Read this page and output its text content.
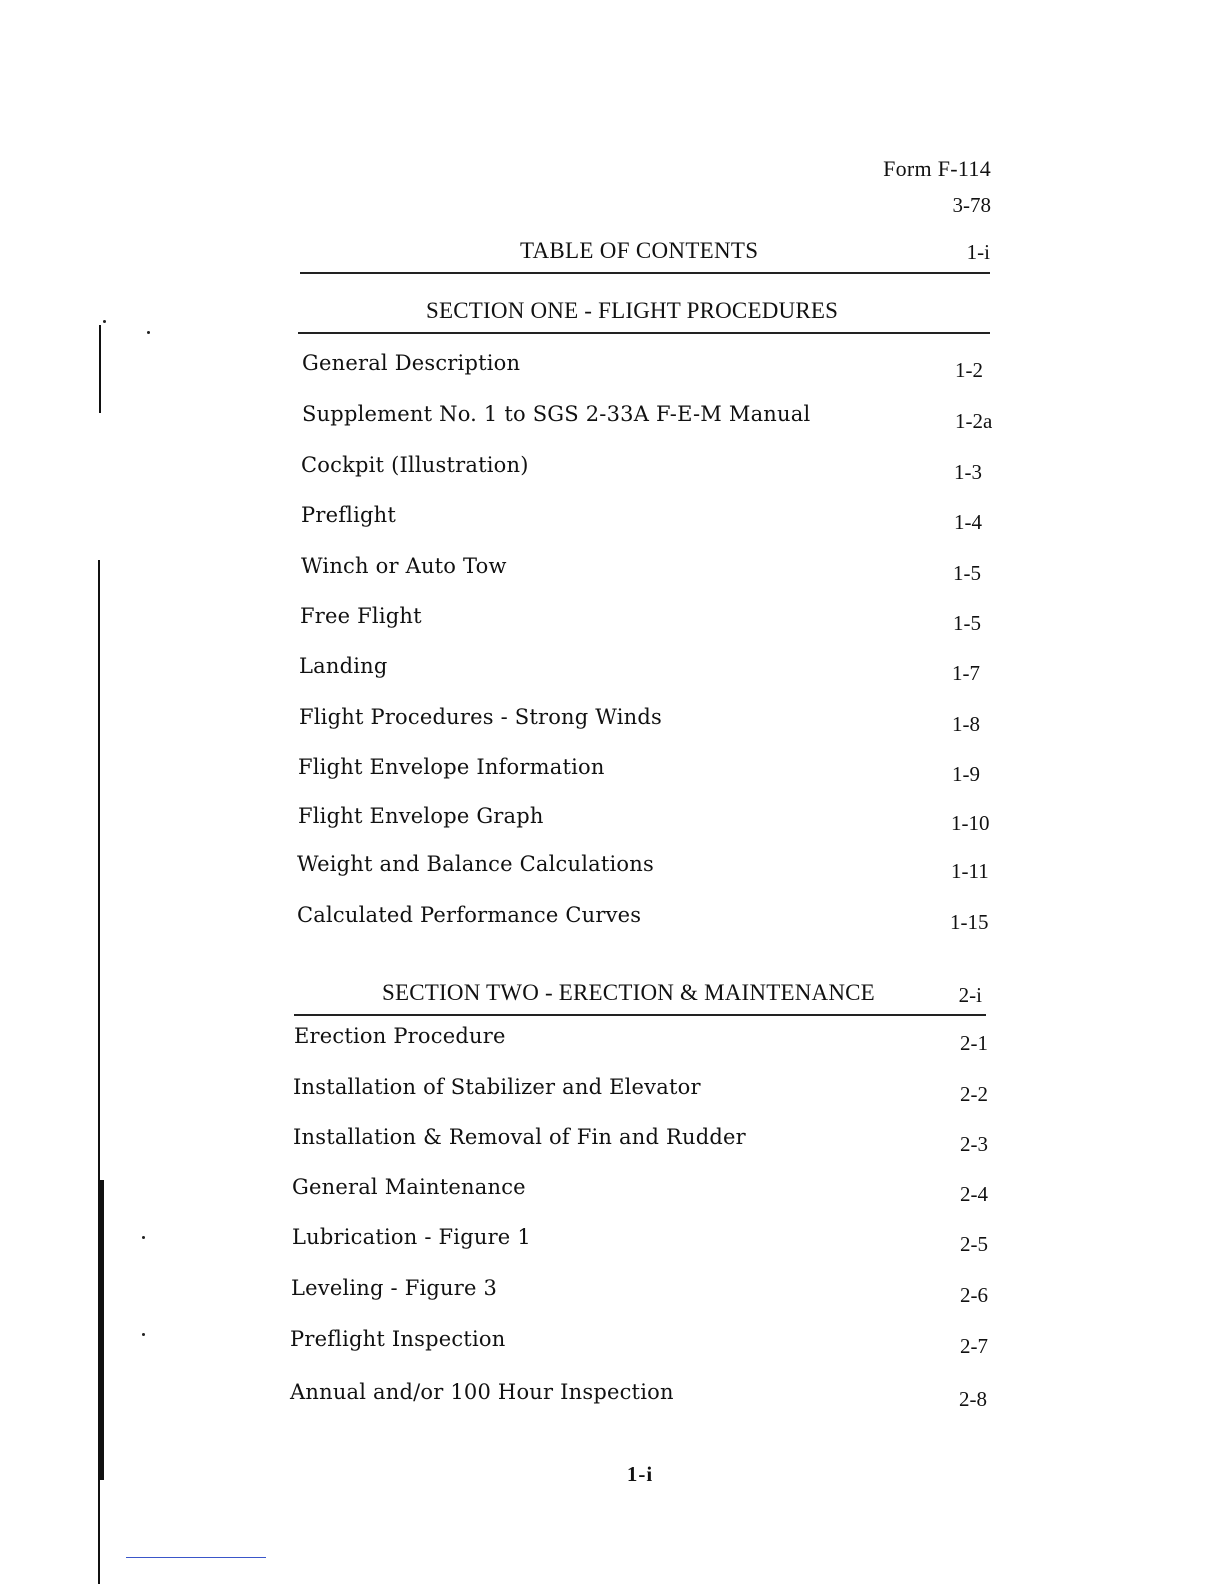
Form F-114
3-78
TABLE OF CONTENTS	1-i
SECTION ONE - FLIGHT PROCEDURES
General Description	1-2
Supplement No. 1 to SGS 2-33A F-E-M Manual	1-2a
Cockpit (Illustration)	1-3
Preflight	1-4
Winch or Auto Tow	1-5
Free Flight	1-5
Landing	1-7
Flight Procedures - Strong Winds	1-8
Flight Envelope Information	1-9
Flight Envelope Graph	1-10
Weight and Balance Calculations	1-11
Calculated Performance Curves	1-15
SECTION TWO - ERECTION & MAINTENANCE	2-i
Erection Procedure	2-1
Installation of Stabilizer and Elevator	2-2
Installation & Removal of Fin and Rudder	2-3
General Maintenance	2-4
Lubrication - Figure 1	2-5
Leveling - Figure 3	2-6
Preflight Inspection	2-7
Annual and/or 100 Hour Inspection	2-8
1-i
